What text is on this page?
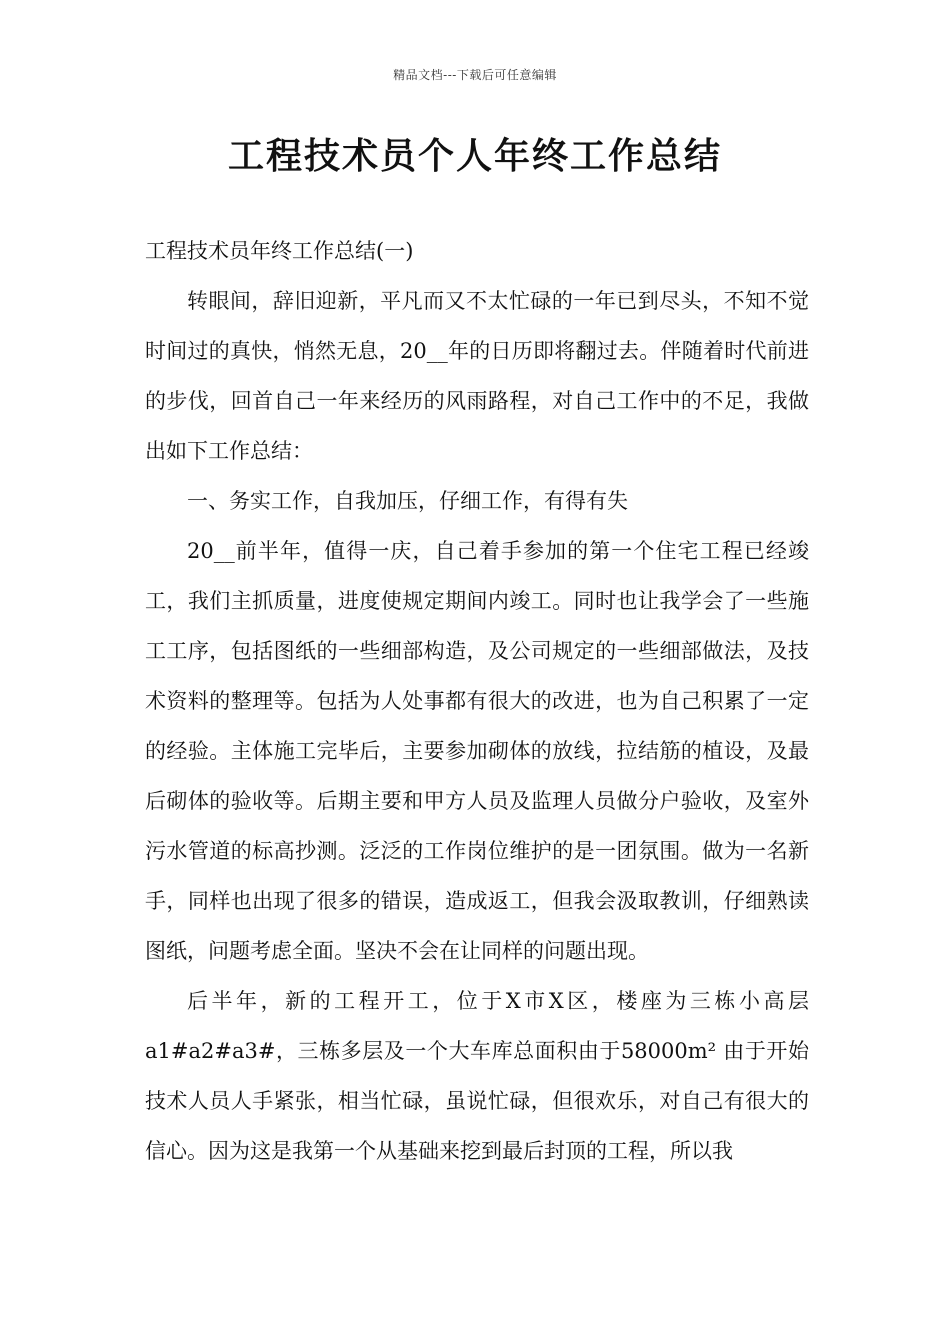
精品文档---下载后可任意编辑
工程技术员个人年终工作总结

工程技术员年终工作总结(一)

转眼间，辞旧迎新，平凡而又不太忙碌的一年已到尽头，不知不觉时间过的真快，悄然无息，20__年的日历即将翻过去。伴随着时代前进的步伐，回首自己一年来经历的风雨路程，对自己工作中的不足，我做出如下工作总结：

一、务实工作，自我加压，仔细工作，有得有失

20__前半年，值得一庆，自己着手参加的第一个住宅工程已经竣工，我们主抓质量，进度使规定期间内竣工。同时也让我学会了一些施工工序，包括图纸的一些细部构造，及公司规定的一些细部做法，及技术资料的整理等。包括为人处事都有很大的改进，也为自己积累了一定的经验。主体施工完毕后，主要参加砌体的放线，拉结筋的植设，及最后砌体的验收等。后期主要和甲方人员及监理人员做分户验收，及室外污水管道的标高抄测。泛泛的工作岗位维护的是一团氛围。做为一名新手，同样也出现了很多的错误，造成返工，但我会汲取教训，仔细熟读图纸，问题考虑全面。坚决不会在让同样的问题出现。

后半年，新的工程开工，位于X市X区，楼座为三栋小高层a1#a2#a3#，三栋多层及一个大车库总面积由于58000m² 由于开始技术人员人手紧张，相当忙碌，虽说忙碌，但很欢乐，对自己有很大的信心。因为这是我第一个从基础来挖到最后封顶的工程，所以我
